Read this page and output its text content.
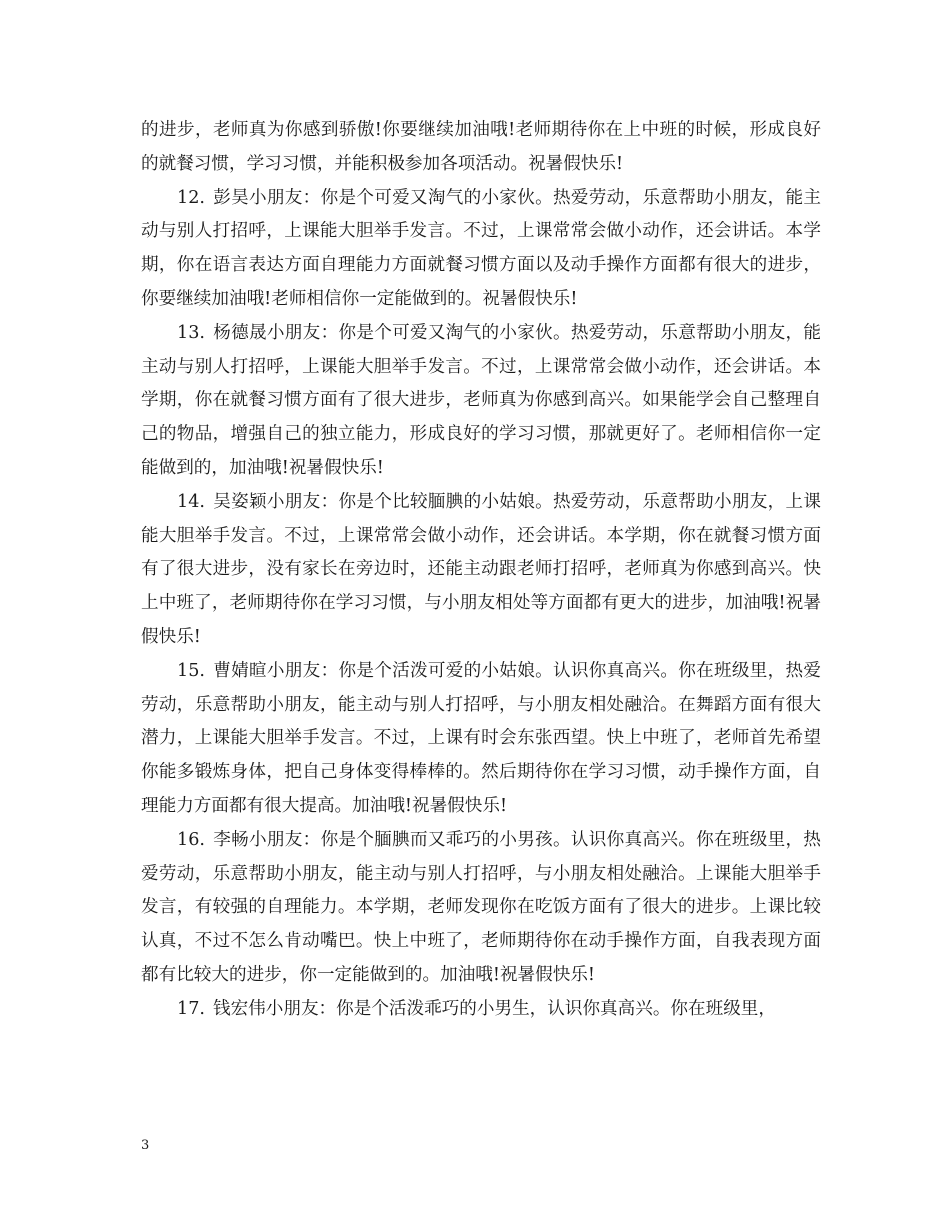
的进步，老师真为你感到骄傲!你要继续加油哦!老师期待你在上中班的时候，形成良好的就餐习惯，学习习惯，并能积极参加各项活动。祝暑假快乐!

12. 彭昊小朋友：你是个可爱又淘气的小家伙。热爱劳动，乐意帮助小朋友，能主动与别人打招呼，上课能大胆举手发言。不过，上课常常会做小动作，还会讲话。本学期，你在语言表达方面自理能力方面就餐习惯方面以及动手操作方面都有很大的进步，你要继续加油哦!老师相信你一定能做到的。祝暑假快乐!

13. 杨德晟小朋友：你是个可爱又淘气的小家伙。热爱劳动，乐意帮助小朋友，能主动与别人打招呼，上课能大胆举手发言。不过，上课常常会做小动作，还会讲话。本学期，你在就餐习惯方面有了很大进步，老师真为你感到高兴。如果能学会自己整理自己的物品，增强自己的独立能力，形成良好的学习习惯，那就更好了。老师相信你一定能做到的，加油哦!祝暑假快乐!

14. 吴姿颖小朋友：你是个比较腼腆的小姑娘。热爱劳动，乐意帮助小朋友，上课能大胆举手发言。不过，上课常常会做小动作，还会讲话。本学期，你在就餐习惯方面有了很大进步，没有家长在旁边时，还能主动跟老师打招呼，老师真为你感到高兴。快上中班了，老师期待你在学习习惯，与小朋友相处等方面都有更大的进步，加油哦!祝暑假快乐!

15. 曹婧暄小朋友：你是个活泼可爱的小姑娘。认识你真高兴。你在班级里，热爱劳动，乐意帮助小朋友，能主动与别人打招呼，与小朋友相处融洽。在舞蹈方面有很大潜力，上课能大胆举手发言。不过，上课有时会东张西望。快上中班了，老师首先希望你能多锻炼身体，把自己身体变得棒棒的。然后期待你在学习习惯，动手操作方面，自理能力方面都有很大提高。加油哦!祝暑假快乐!

16. 李畅小朋友：你是个腼腆而又乖巧的小男孩。认识你真高兴。你在班级里，热爱劳动，乐意帮助小朋友，能主动与别人打招呼，与小朋友相处融洽。上课能大胆举手发言，有较强的自理能力。本学期，老师发现你在吃饭方面有了很大的进步。上课比较认真，不过不怎么肯动嘴巴。快上中班了，老师期待你在动手操作方面，自我表现方面都有比较大的进步，你一定能做到的。加油哦!祝暑假快乐!

17. 钱宏伟小朋友：你是个活泼乖巧的小男生，认识你真高兴。你在班级里，

3
